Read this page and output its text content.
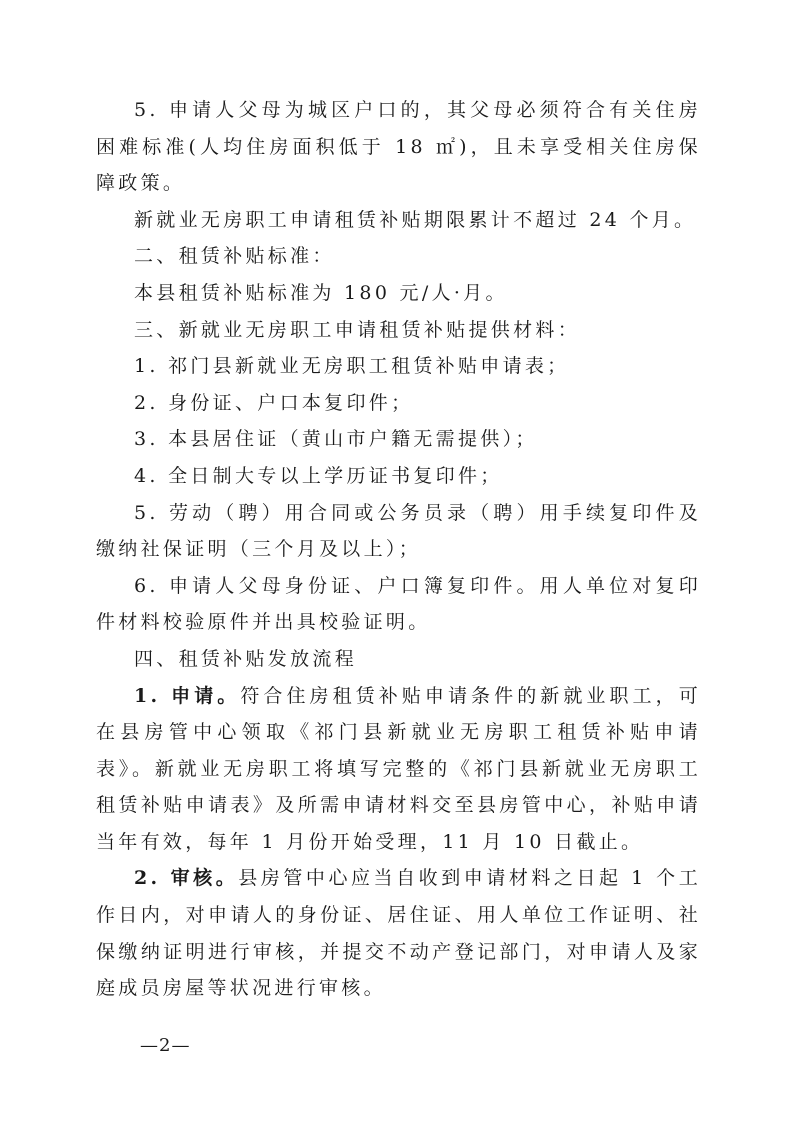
5. 申请人父母为城区户口的，其父母必须符合有关住房困难标准(人均住房面积低于 18 ㎡)，且未享受相关住房保障政策。

新就业无房职工申请租赁补贴期限累计不超过 24 个月。

二、租赁补贴标准：

本县租赁补贴标准为 180 元/人·月。

三、新就业无房职工申请租赁补贴提供材料：

1. 祁门县新就业无房职工租赁补贴申请表；

2. 身份证、户口本复印件；

3. 本县居住证（黄山市户籍无需提供）；

4. 全日制大专以上学历证书复印件；

5. 劳动（聘）用合同或公务员录（聘）用手续复印件及缴纳社保证明（三个月及以上）；

6. 申请人父母身份证、户口簿复印件。用人单位对复印件材料校验原件并出具校验证明。

四、租赁补贴发放流程

1. 申请。符合住房租赁补贴申请条件的新就业职工，可在县房管中心领取《祁门县新就业无房职工租赁补贴申请表》。新就业无房职工将填写完整的《祁门县新就业无房职工租赁补贴申请表》及所需申请材料交至县房管中心，补贴申请当年有效，每年 1 月份开始受理，11 月 10 日截止。

2. 审核。县房管中心应当自收到申请材料之日起 1 个工作日内，对申请人的身份证、居住证、用人单位工作证明、社保缴纳证明进行审核，并提交不动产登记部门，对申请人及家庭成员房屋等状况进行审核。

—2—
